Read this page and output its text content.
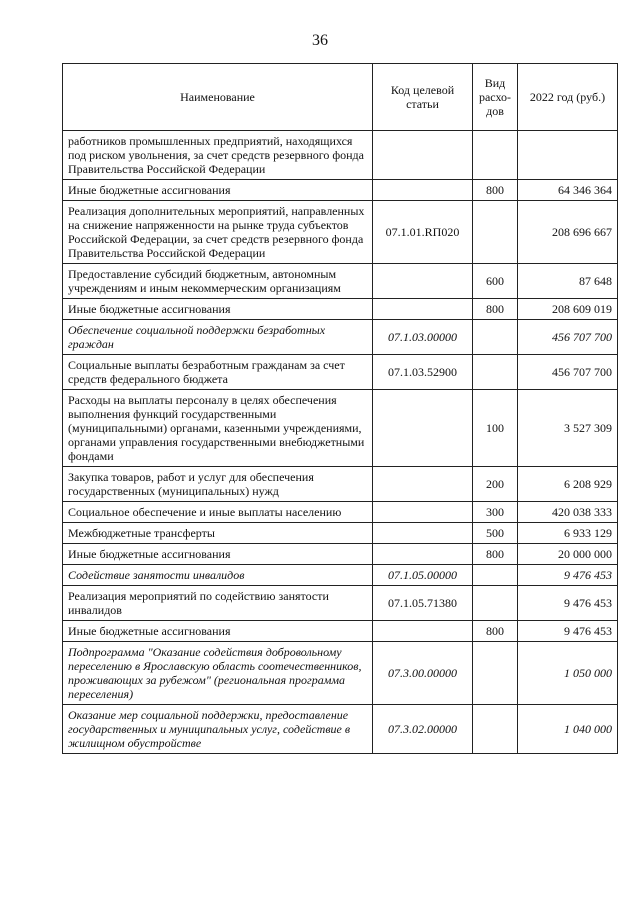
36
Наименование	Код целевой статьи	Вид расхо-дов	2022 год (руб.)
работников промышленных предприятий, находящихся под риском увольнения, за счет средств резервного фонда Правительства Российской Федерации			
Иные бюджетные ассигнования		800	64 346 364
Реализация дополнительных мероприятий, направленных на снижение напряженности на рынке труда субъектов Российской Федерации, за счет средств резервного фонда Правительства Российской Федерации	07.1.01.RП020		208 696 667
Предоставление субсидий бюджетным, автономным учреждениям и иным некоммерческим организациям		600	87 648
Иные бюджетные ассигнования		800	208 609 019
Обеспечение социальной поддержки безработных граждан	07.1.03.00000		456 707 700
Социальные выплаты безработным гражданам за счет средств федерального бюджета	07.1.03.52900		456 707 700
Расходы на выплаты персоналу в целях обеспечения выполнения функций государственными (муниципальными) органами, казенными учреждениями, органами управления государственными внебюджетными фондами		100	3 527 309
Закупка товаров, работ и услуг для обеспечения государственных (муниципальных) нужд		200	6 208 929
Социальное обеспечение и иные выплаты населению		300	420 038 333
Межбюджетные трансферты		500	6 933 129
Иные бюджетные ассигнования		800	20 000 000
Содействие занятости инвалидов	07.1.05.00000		9 476 453
Реализация мероприятий по содействию занятости инвалидов	07.1.05.71380		9 476 453
Иные бюджетные ассигнования		800	9 476 453
Подпрограмма "Оказание содействия добровольному переселению в Ярославскую область соотечественников, проживающих за рубежом" (региональная программа переселения)	07.3.00.00000		1 050 000
Оказание мер социальной поддержки, предоставление государственных и муниципальных услуг, содействие в жилищном обустройстве	07.3.02.00000		1 040 000
